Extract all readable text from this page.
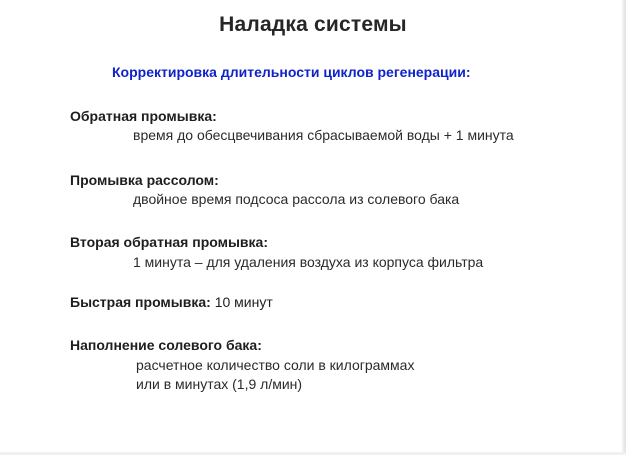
Наладка системы
Корректировка длительности циклов регенерации:
Обратная промывка:
время до обесцвечивания сбрасываемой воды + 1 минута
Промывка рассолом:
двойное время подсоса рассола из солевого бака
Вторая обратная промывка:
1 минута – для удаления воздуха из корпуса фильтра
Быстрая промывка: 10 минут
Наполнение солевого бака:
расчетное количество соли в килограммах
или в минутах (1,9 л/мин)
